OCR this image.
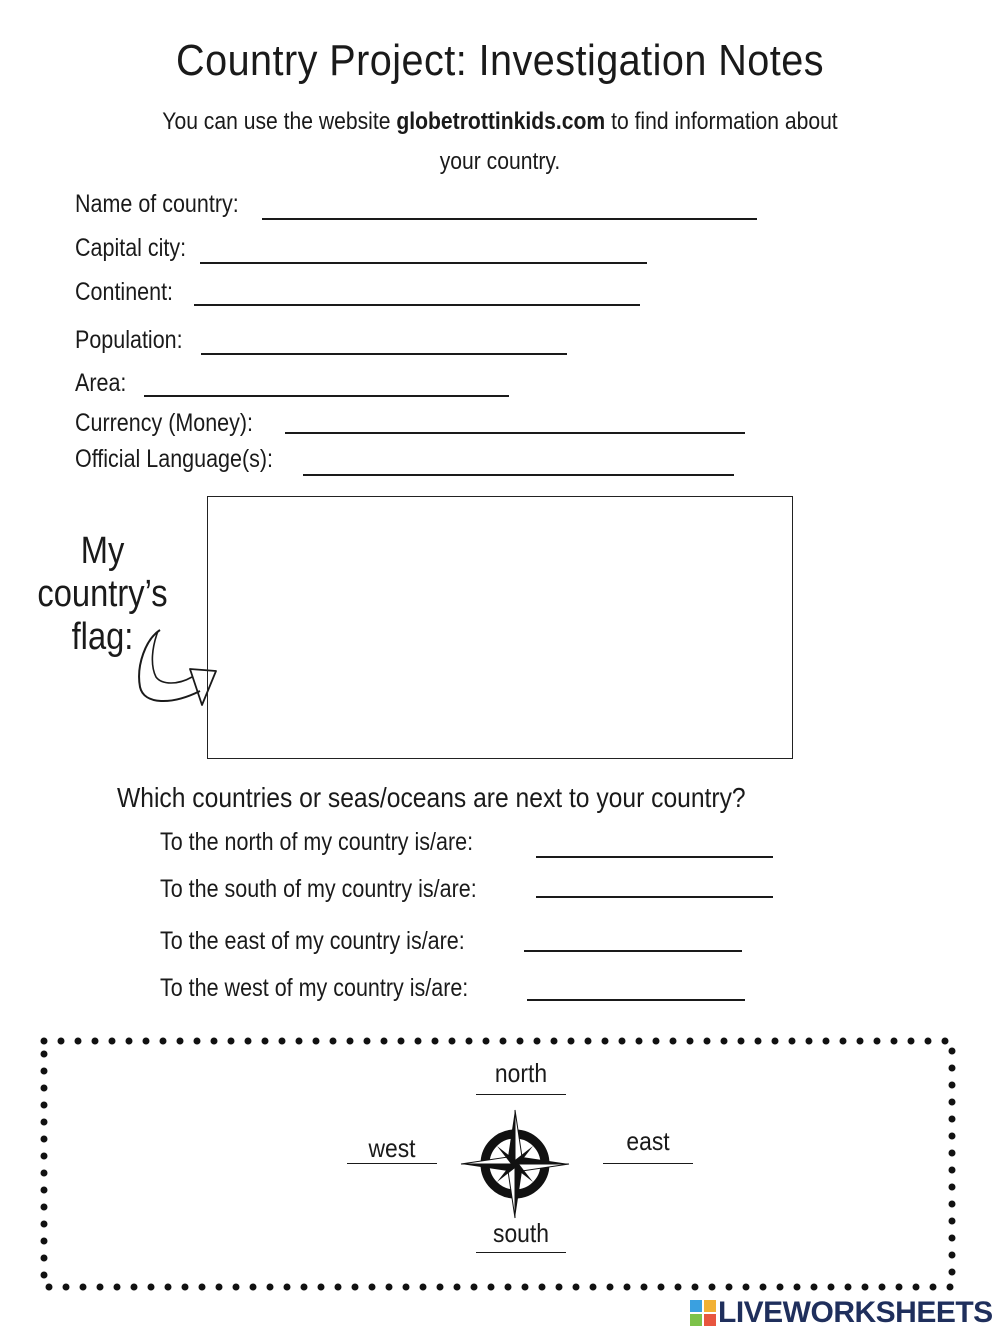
Country Project: Investigation Notes
You can use the website globetrottinkids.com to find information about your country.
Name of country:
Capital city:
Continent:
Population:
Area:
Currency (Money):
Official Language(s):
My
country’s
flag:
Which countries or seas/oceans are next to your country?
To the north of my country is/are:
To the south of my country is/are:
To the east of my country is/are:
To the west of my country is/are:
north
west	east
south
LIVEWORKSHEETS
